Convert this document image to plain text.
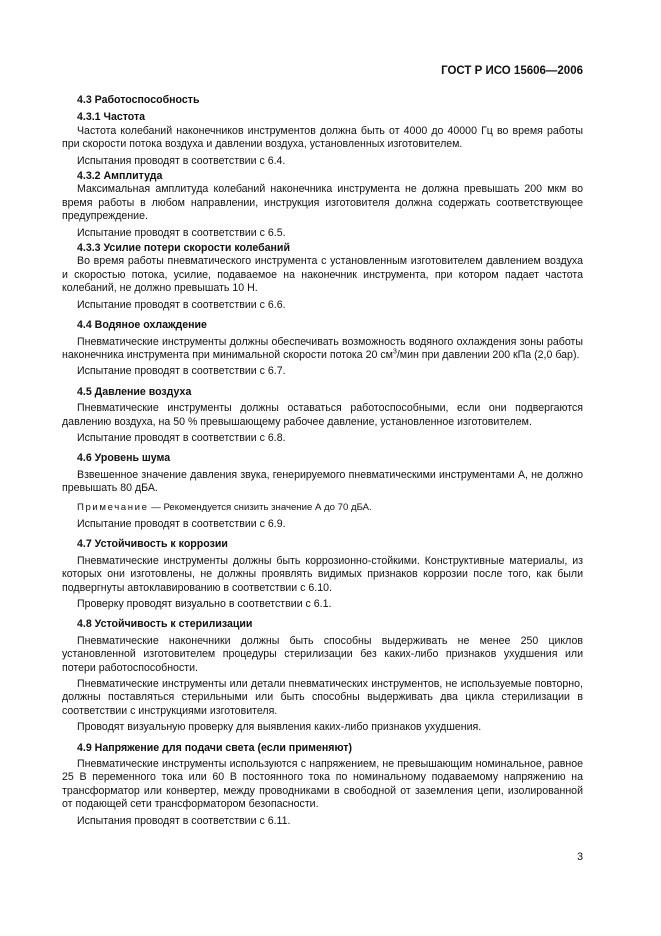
ГОСТ Р ИСО 15606—2006

4.3 Работоспособность

4.3.1 Частота

Частота колебаний наконечников инструментов должна быть от 4000 до 40000 Гц во время работы при скорости потока воздуха и давлении воздуха, установленных изготовителем.

Испытания проводят в соответствии с 6.4.

4.3.2 Амплитуда

Максимальная амплитуда колебаний наконечника инструмента не должна превышать 200 мкм во время работы в любом направлении, инструкция изготовителя должна содержать соответствующее предупреждение.

Испытание проводят в соответствии с 6.5.

4.3.3 Усилие потери скорости колебаний

Во время работы пневматического инструмента с установленным изготовителем давлением воздуха и скоростью потока, усилие, подаваемое на наконечник инструмента, при котором падает частота колебаний, не должно превышать 10 Н.

Испытание проводят в соответствии с 6.6.

4.4 Водяное охлаждение

Пневматические инструменты должны обеспечивать возможность водяного охлаждения зоны работы наконечника инструмента при минимальной скорости потока 20 $см^3$/мин при давлении 200 кПа (2,0 бар).

Испытание проводят в соответствии с 6.7.

4.5 Давление воздуха

Пневматические инструменты должны оставаться работоспособными, если они подвергаются давлению воздуха, на 50 % превышающему рабочее давление, установленное изготовителем.

Испытание проводят в соответствии с 6.8.

4.6 Уровень шума

Взвешенное значение давления звука, генерируемого пневматическими инструментами А, не должно превышать 80 дБА.

Примечание — Рекомендуется снизить значение А до 70 дБА.

Испытание проводят в соответствии с 6.9.

4.7 Устойчивость к коррозии

Пневматические инструменты должны быть коррозионно-стойкими. Конструктивные материалы, из которых они изготовлены, не должны проявлять видимых признаков коррозии после того, как были подвергнуты автоклавированию в соответствии с 6.10.

Проверку проводят визуально в соответствии с 6.1.

4.8 Устойчивость к стерилизации

Пневматические наконечники должны быть способны выдерживать не менее 250 циклов установленной изготовителем процедуры стерилизации без каких-либо признаков ухудшения или потери работоспособности.

Пневматические инструменты или детали пневматических инструментов, не используемые повторно, должны поставляться стерильными или быть способны выдерживать два цикла стерилизации в соответствии с инструкциями изготовителя.

Проводят визуальную проверку для выявления каких-либо признаков ухудшения.

4.9 Напряжение для подачи света (если применяют)

Пневматические инструменты используются с напряжением, не превышающим номинальное, равное 25 В переменного тока или 60 В постоянного тока по номинальному подаваемому напряжению на трансформатор или конвертер, между проводниками в свободной от заземления цепи, изолированной от подающей сети трансформатором безопасности.

Испытания проводят в соответствии с 6.11.

3
